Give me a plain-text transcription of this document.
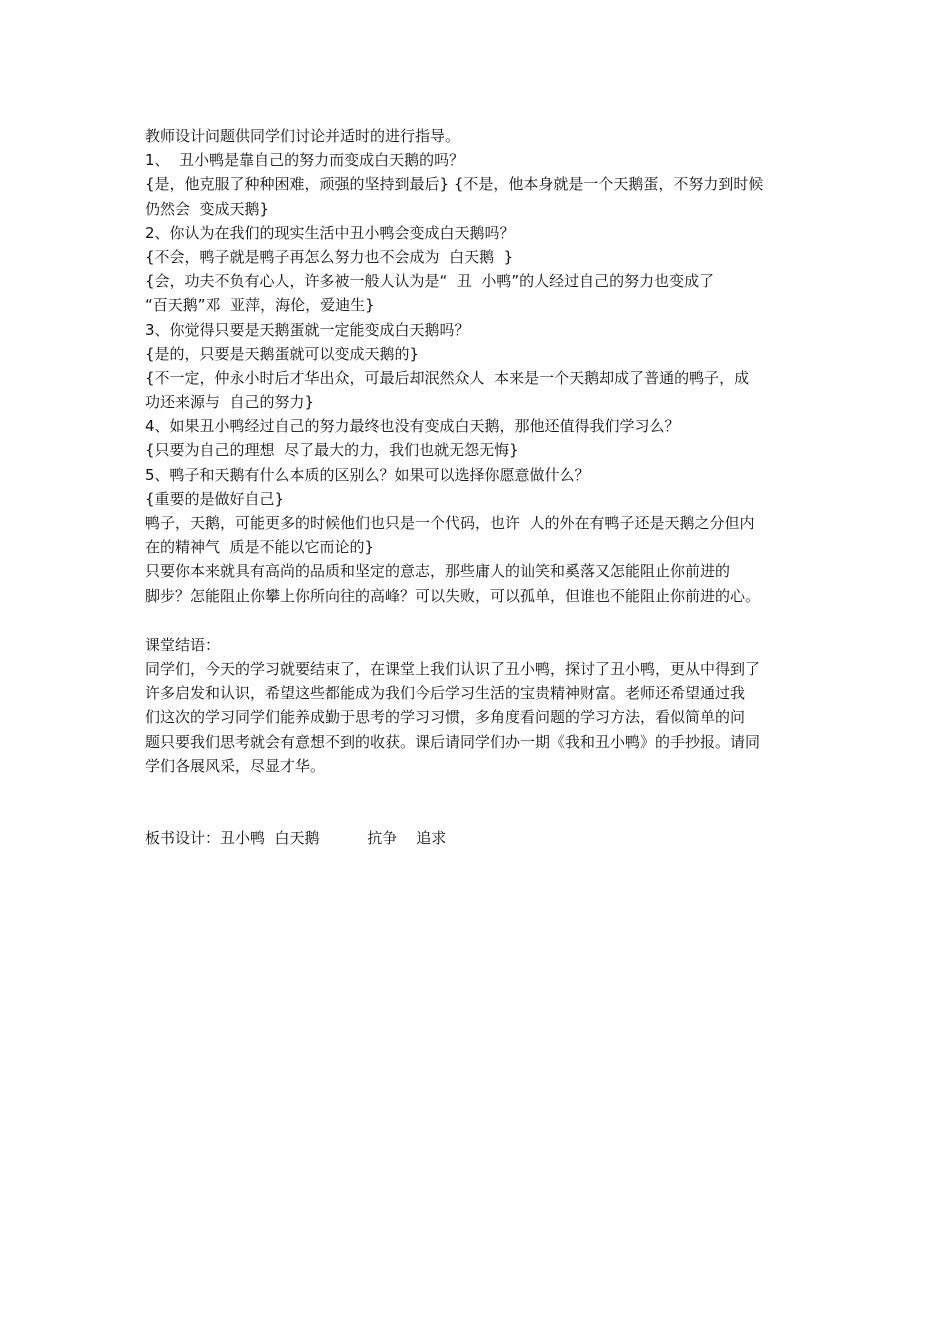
教师设计问题供同学们讨论并适时的进行指导。
1、  丑小鸭是靠自己的努力而变成白天鹅的吗？
{是，他克服了种种困难，顽强的坚持到最后} {不是，他本身就是一个天鹅蛋，不努力到时候
仍然会  变成天鹅}
2、你认为在我们的现实生活中丑小鸭会变成白天鹅吗？
{不会，鸭子就是鸭子再怎么努力也不会成为  白天鹅  }
{会，功夫不负有心人，许多被一般人认为是“  丑  小鸭”的人经过自己的努力也变成了
“百天鹅”邓  亚萍，海伦，爱迪生}
3、你觉得只要是天鹅蛋就一定能变成白天鹅吗？
{是的，只要是天鹅蛋就可以变成天鹅的}
{不一定，仲永小时后才华出众，可最后却泯然众人  本来是一个天鹅却成了普通的鸭子，成
功还来源与  自己的努力}
4、如果丑小鸭经过自己的努力最终也没有变成白天鹅，那他还值得我们学习么？
{只要为自己的理想  尽了最大的力，我们也就无怨无悔}
5、鸭子和天鹅有什么本质的区别么？如果可以选择你愿意做什么？
{重要的是做好自己}
鸭子，天鹅，可能更多的时候他们也只是一个代码，也许  人的外在有鸭子还是天鹅之分但内
在的精神气  质是不能以它而论的}
只要你本来就具有高尚的品质和坚定的意志，那些庸人的讪笑和奚落又怎能阻止你前进的
脚步？怎能阻止你攀上你所向往的高峰？可以失败，可以孤单，但谁也不能阻止你前进的心。
课堂结语：
同学们，今天的学习就要结束了，在课堂上我们认识了丑小鸭，探讨了丑小鸭，更从中得到了
许多启发和认识，希望这些都能成为我们今后学习生活的宝贵精神财富。老师还希望通过我
们这次的学习同学们能养成勤于思考的学习习惯，多角度看问题的学习方法，看似简单的问
题只要我们思考就会有意想不到的收获。课后请同学们办一期《我和丑小鸭》的手抄报。请同
学们各展风采，尽显才华。
板书设计：丑小鸭  白天鹅          抗争    追求
